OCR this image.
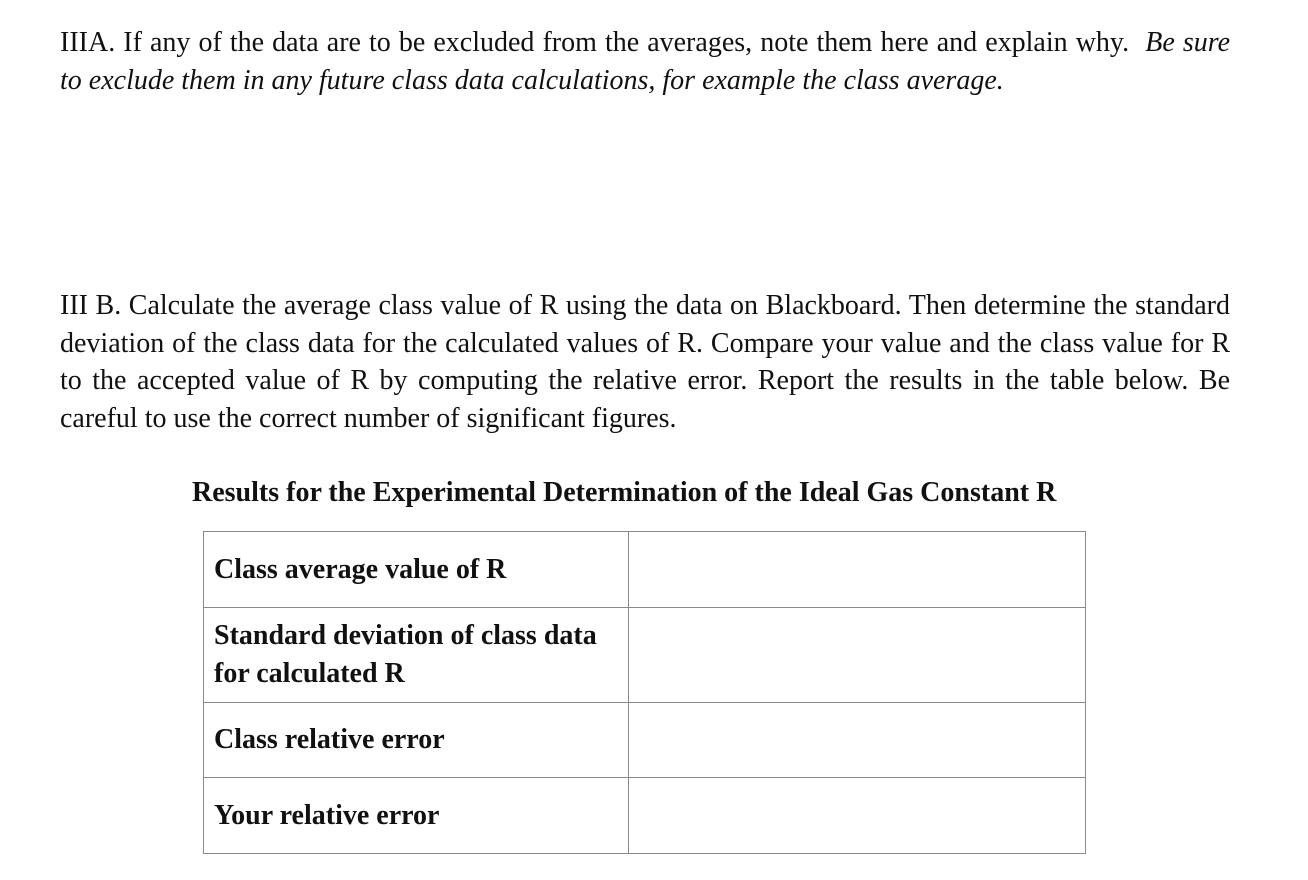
IIIA. If any of the data are to be excluded from the averages, note them here and explain why. Be sure to exclude them in any future class data calculations, for example the class average.

III B. Calculate the average class value of R using the data on Blackboard. Then determine the standard deviation of the class data for the calculated values of R. Compare your value and the class value for R to the accepted value of R by computing the relative error. Report the results in the table below. Be careful to use the correct number of significant figures.

Results for the Experimental Determination of the Ideal Gas Constant R

Class average value of R	
Standard deviation of class data for calculated R	
Class relative error	
Your relative error	
